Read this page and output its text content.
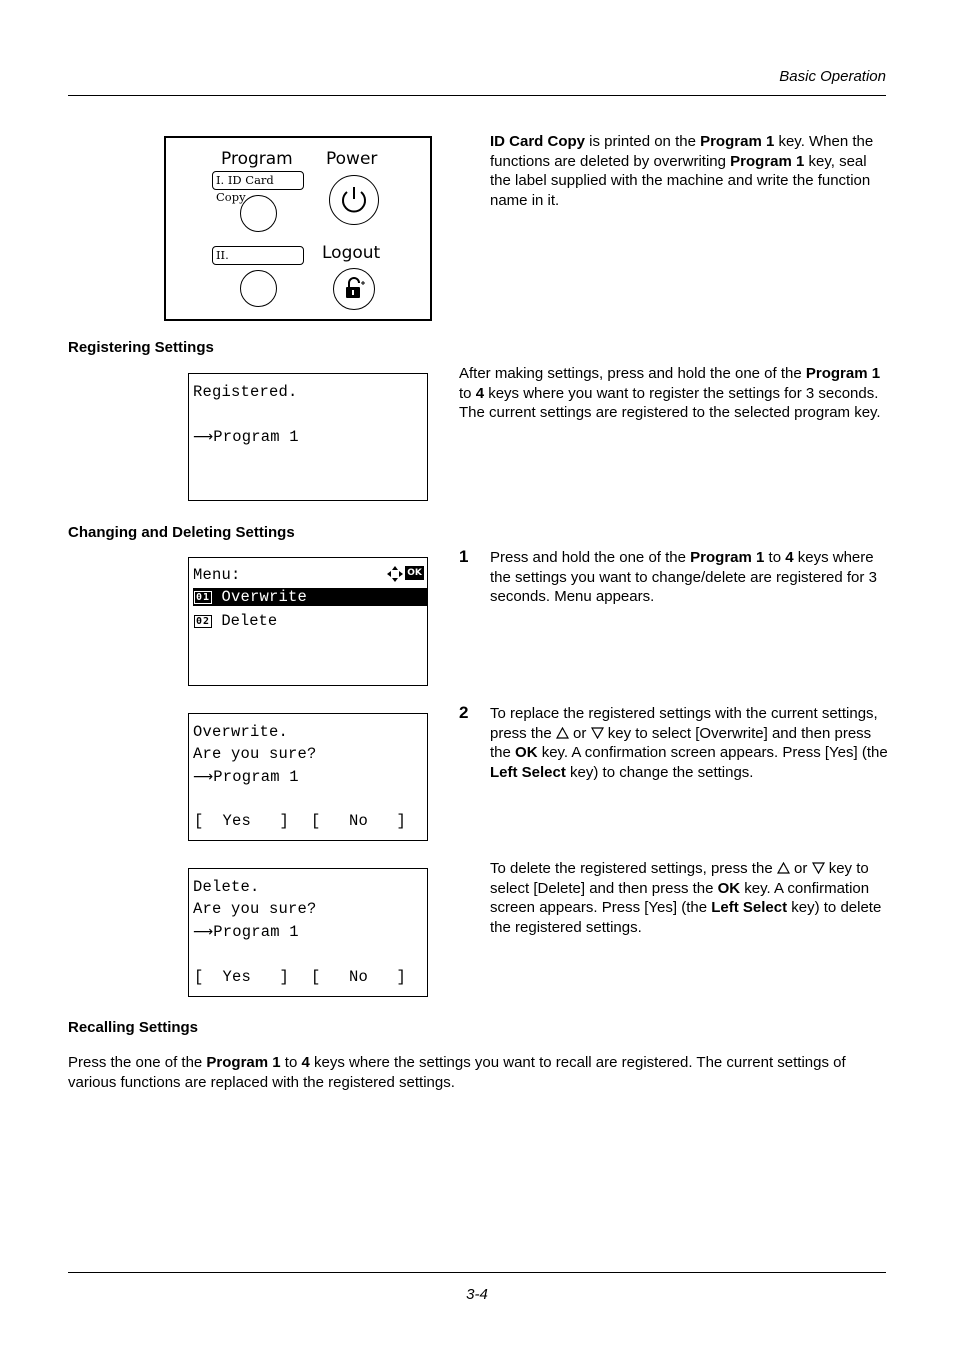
Basic Operation
Program Power
I. ID Card Copy
II.	Logout
ID Card Copy is printed on the Program 1 key. When the functions are deleted by overwriting Program 1 key, seal the label supplied with the machine and write the function name in it.
Registering Settings
Registered.
⟶Program 1
After making settings, press and hold the one of the Program 1 to 4 keys where you want to register the settings for 3 seconds. The current settings are registered to the selected program key.
Changing and Deleting Settings
Menu:	OK
01 Overwrite
02 Delete
1 Press and hold the one of the Program 1 to 4 keys where the settings you want to change/delete are registered for 3 seconds. Menu appears.
Overwrite.
Are you sure?
⟶Program 1
[  Yes   ] [   No   ]
2 To replace the registered settings with the current settings, press the  or  key to select [Overwrite] and then press the OK key. A confirmation screen appears. Press [Yes] (the Left Select key) to change the settings.
Delete.
Are you sure?
⟶Program 1
[  Yes   ] [   No   ]
To delete the registered settings, press the  or  key to select [Delete] and then press the OK key. A confirmation screen appears. Press [Yes] (the Left Select key) to delete the registered settings.
Recalling Settings
Press the one of the Program 1 to 4 keys where the settings you want to recall are registered. The current settings of various functions are replaced with the registered settings.
3-4
